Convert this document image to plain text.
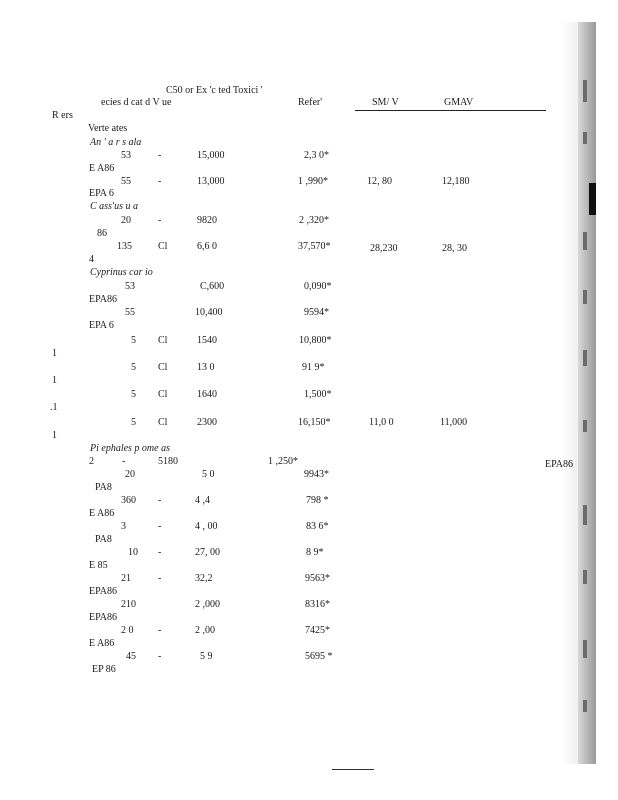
C50 or Ex 'c ted Toxici '
ecies d cat d V ue	Refer'	SM/ V	GMAV
R ers
Verte ates
An ' a r s ala
53	-	15,000	2,3 0*
E A86
55	-	13,000	1 ,990*	12, 80	12,180
EPA 6
C ass'us u a
20	-	9820	2 ,320*
86
135	Cl	6,6 0	37,570*	28,230	28, 30
4
Cyprinus car io
53	C,600	0,090*
EPA86
55	10,400	9594*
EPA 6
5 Cl	1540	10,800*
1
5 Cl	13 0	91 9*
1
5 Cl	1640	1,500*
.1
5 Cl	2300	16,150*	11,0 0	11,000
1
Pi ephales p ome as
2	-	5180	1 ,250*	EPA86
20	5 0	9943*
PA8
360 -	4 ,4	798 *
E A86
3	-	4 , 00	83 6*
PA8
10 -	27, 00	8 9*
E 85
21	-	32,2	9563*
EPA86
210	2 ,000	8316*
EPA86
2 0 -	2 ,00	7425*
E A86
45 -	5 9	5695 *
EP 86
